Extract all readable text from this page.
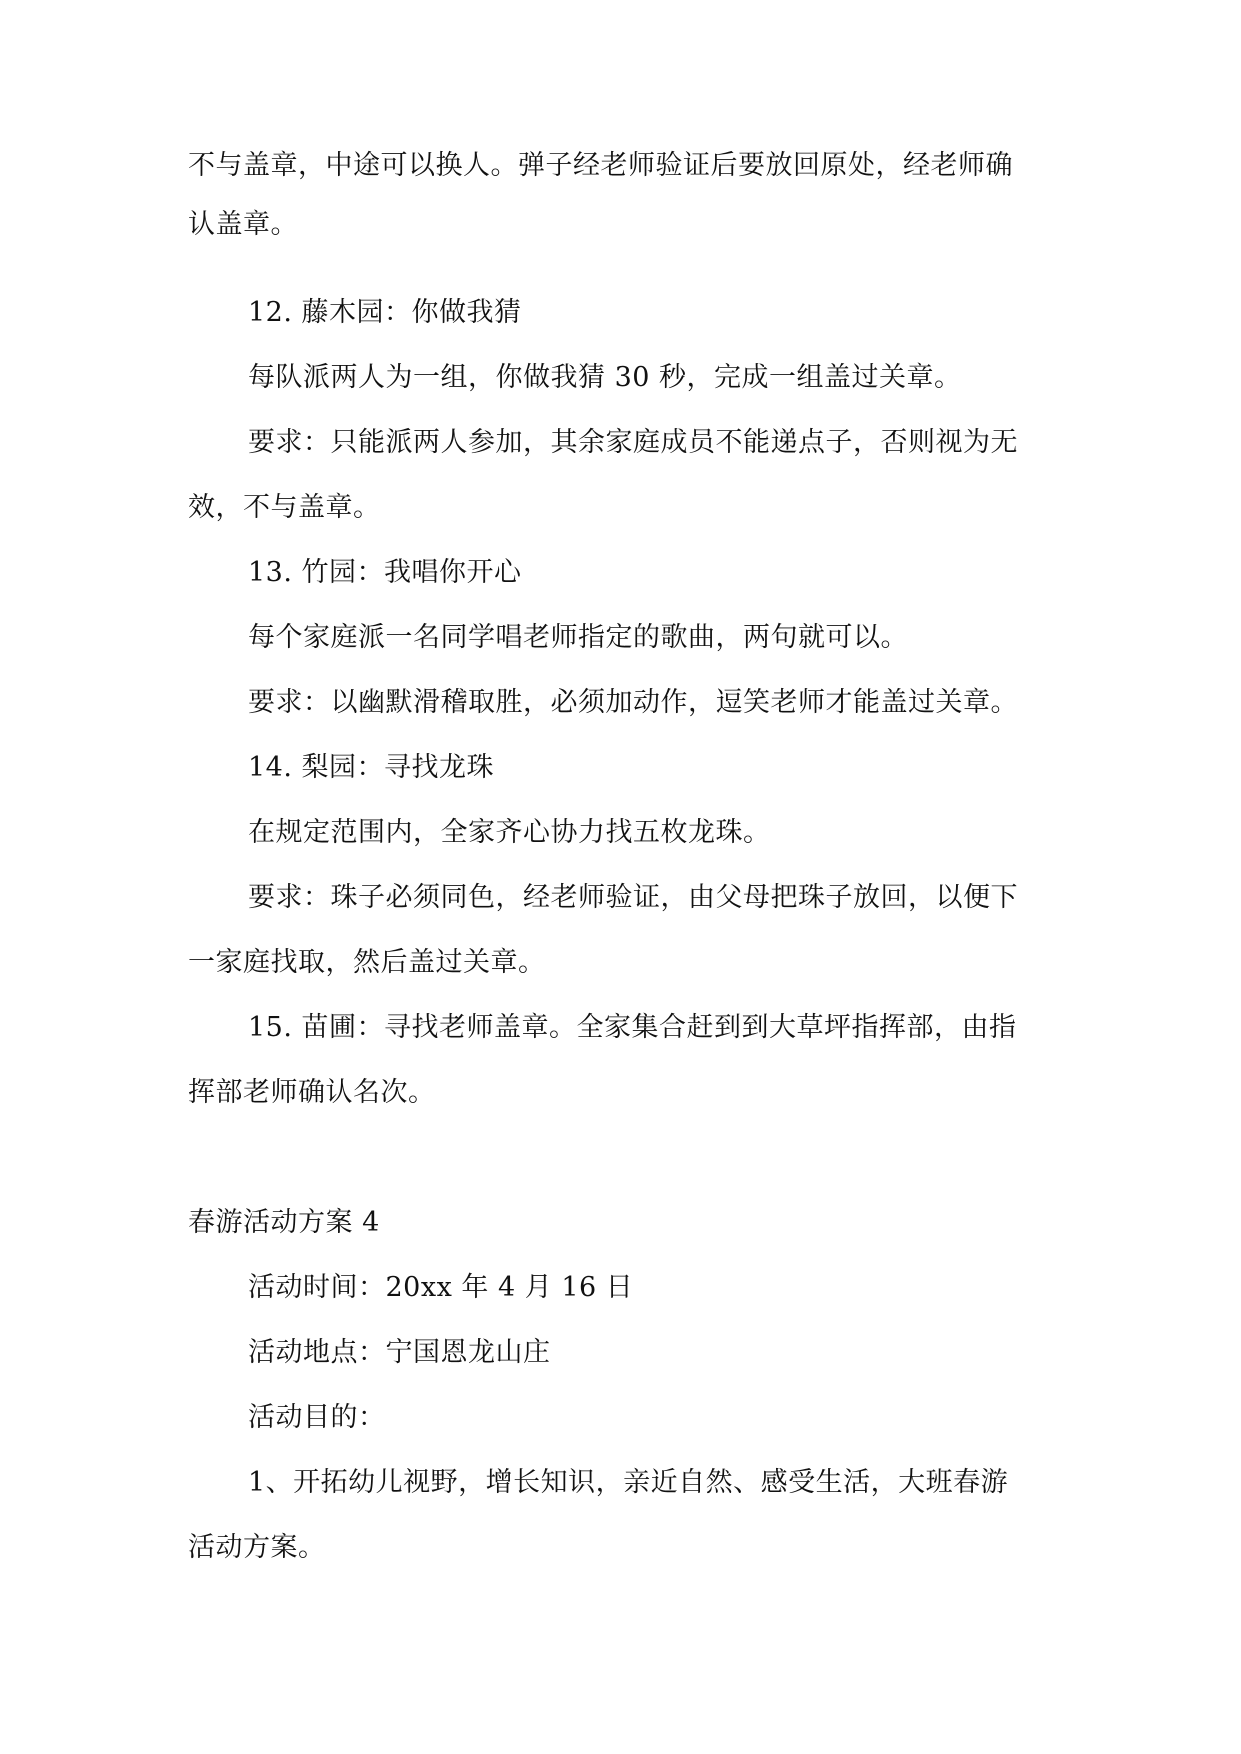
不与盖章，中途可以换人。弹子经老师验证后要放回原处，经老师确
认盖章。
12. 藤木园：你做我猜
每队派两人为一组，你做我猜 30 秒，完成一组盖过关章。
要求：只能派两人参加，其余家庭成员不能递点子，否则视为无
效，不与盖章。
13. 竹园：我唱你开心
每个家庭派一名同学唱老师指定的歌曲，两句就可以。
要求：以幽默滑稽取胜，必须加动作，逗笑老师才能盖过关章。
14. 梨园：寻找龙珠
在规定范围内，全家齐心协力找五枚龙珠。
要求：珠子必须同色，经老师验证，由父母把珠子放回，以便下
一家庭找取，然后盖过关章。
15. 苗圃：寻找老师盖章。全家集合赶到到大草坪指挥部，由指
挥部老师确认名次。
春游活动方案 4
活动时间：20xx 年 4 月 16 日
活动地点：宁国恩龙山庄
活动目的：
1、开拓幼儿视野，增长知识，亲近自然、感受生活，大班春游
活动方案。
